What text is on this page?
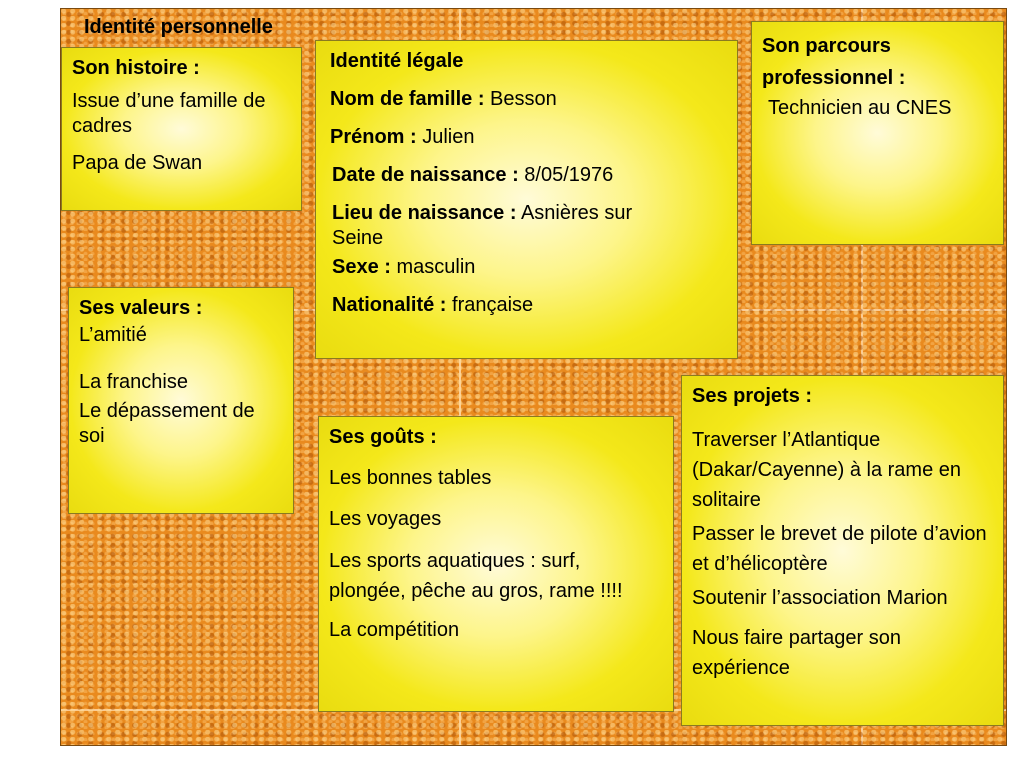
Identité personnelle

Son histoire :

Issue d’une famille de cadres

Papa de Swan

Identité légale

Nom de famille : Besson

Prénom : Julien

Date de naissance : 8/05/1976

Lieu de naissance : Asnières sur Seine

Sexe : masculin

Nationalité : française

Son parcours professionnel :

Technicien au CNES

Ses valeurs :

L’amitié

La franchise

Le dépassement de soi	Ses goûts :

Les bonnes tables

Les voyages

Les sports aquatiques : surf, plongée, pêche au gros, rame !!!!

La compétition

Ses projets :

Traverser l’Atlantique (Dakar/Cayenne) à la rame en solitaire

Passer le brevet de pilote d’avion et d’hélicoptère

Soutenir l’association Marion

Nous faire partager son expérience
